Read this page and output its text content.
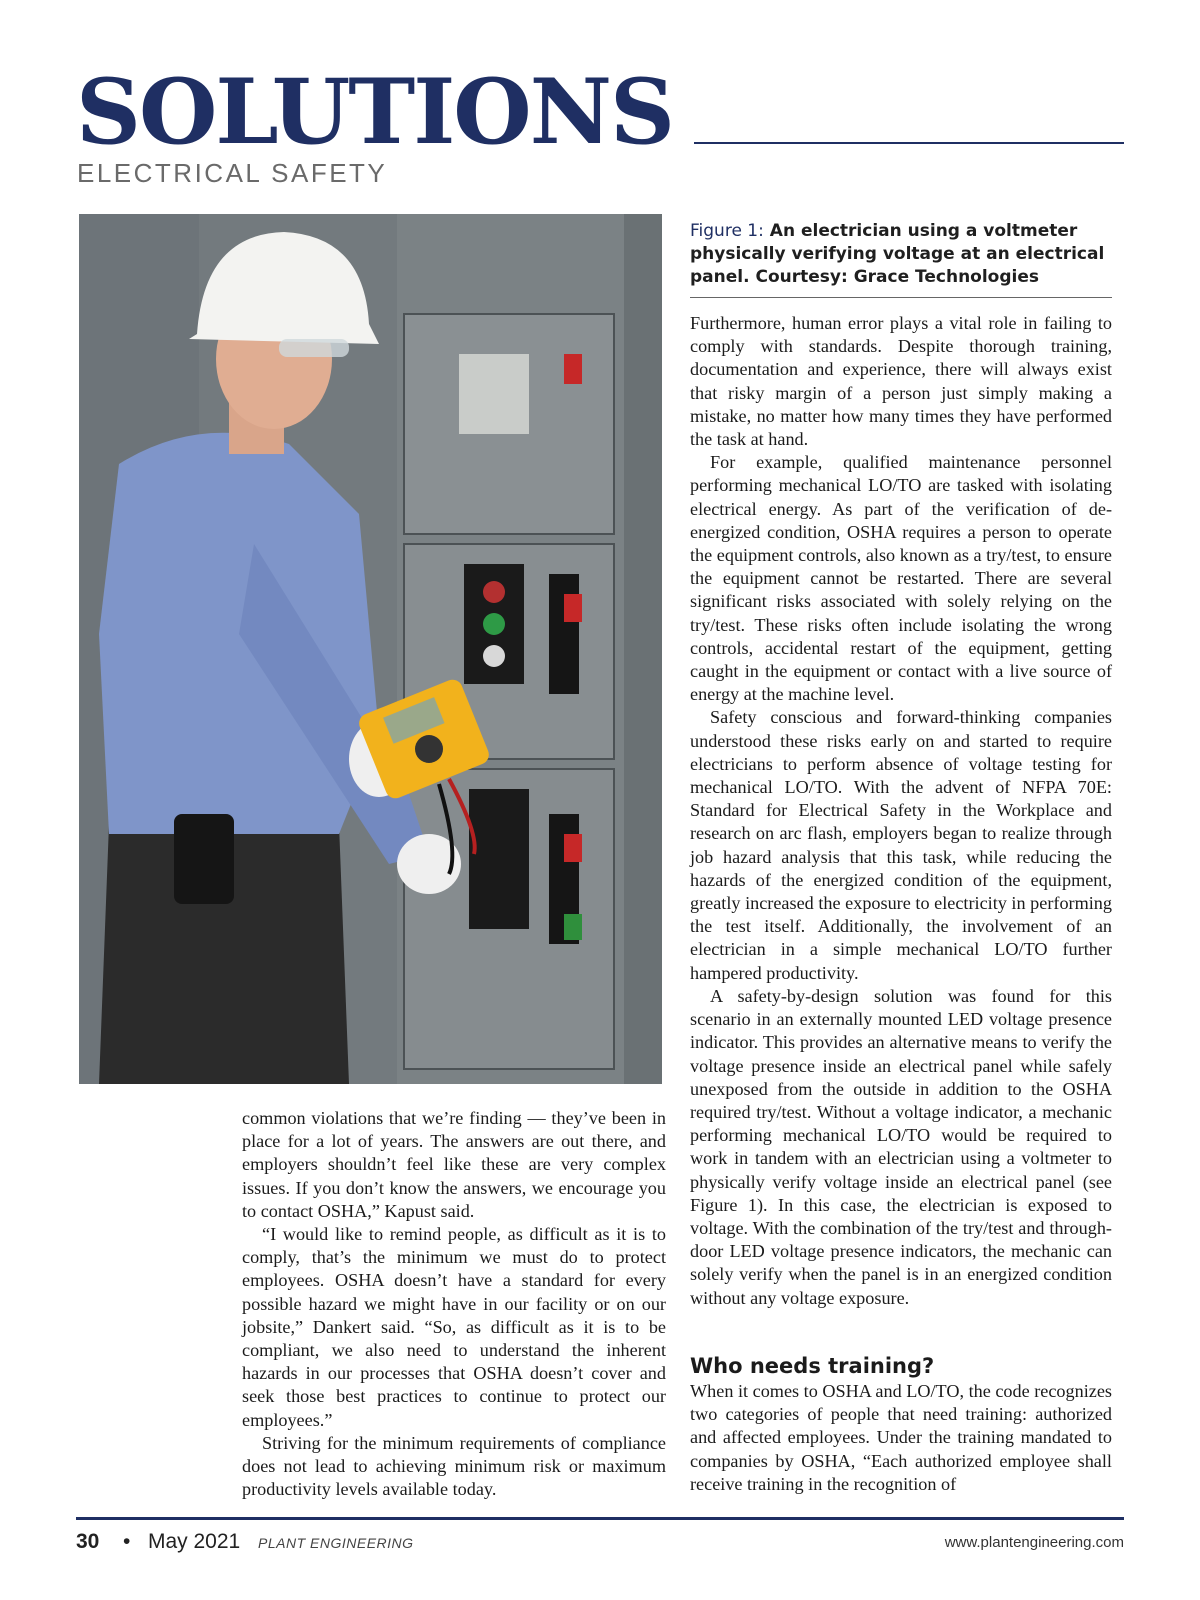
SOLUTIONS
ELECTRICAL SAFETY
Figure 1: An electrician using a voltmeter physically verifying voltage at an electrical panel. Courtesy: Grace Technologies

Furthermore, human error plays a vital role in failing to comply with standards. Despite thorough training, documentation and experience, there will always exist that risky margin of a person just simply making a mistake, no matter how many times they have performed the task at hand.

For example, qualified maintenance personnel performing mechanical LO/TO are tasked with isolating electrical energy. As part of the verification of de-energized condition, OSHA requires a person to operate the equipment controls, also known as a try/test, to ensure the equipment cannot be restarted. There are several significant risks associated with solely relying on the try/test. These risks often include isolating the wrong controls, accidental restart of the equipment, getting caught in the equipment or contact with a live source of energy at the machine level.

Safety conscious and forward-thinking companies understood these risks early on and started to require electricians to perform absence of voltage testing for mechanical LO/TO. With the advent of NFPA 70E: Standard for Electrical Safety in the Workplace and research on arc flash, employers began to realize through job hazard analysis that this task, while reducing the hazards of the energized condition of the equipment, greatly increased the exposure to electricity in performing the test itself. Additionally, the involvement of an electrician in a simple mechanical LO/TO further hampered productivity.

A safety-by-design solution was found for this scenario in an externally mounted LED voltage presence indicator. This provides an alternative means to verify the voltage presence inside an electrical panel while safely unexposed from the outside in addition to the OSHA required try/test. Without a voltage indicator, a mechanic performing mechanical LO/TO would be required to work in tandem with an electrician using a voltmeter to physically verify voltage inside an electrical panel (see Figure 1). In this case, the electrician is exposed to voltage. With the combination of the try/test and through-door LED voltage presence indicators, the mechanic can solely verify when the panel is in an energized condition without any voltage exposure.

Who needs training?

When it comes to OSHA and LO/TO, the code recognizes two categories of people that need training: authorized and affected employees. Under the training mandated to companies by OSHA, “Each authorized employee shall receive training in the recognition of

common violations that we’re finding — they’ve been in place for a lot of years. The answers are out there, and employers shouldn’t feel like these are very complex issues. If you don’t know the answers, we encourage you to contact OSHA,” Kapust said.

“I would like to remind people, as difficult as it is to comply, that’s the minimum we must do to protect employees. OSHA doesn’t have a standard for every possible hazard we might have in our facility or on our jobsite,” Dankert said. “So, as difficult as it is to be compliant, we also need to understand the inherent hazards in our processes that OSHA doesn’t cover and seek those best practices to continue to protect our employees.”

Striving for the minimum requirements of compliance does not lead to achieving minimum risk or maximum productivity levels available today.

30 • May 2021 PLANT ENGINEERING	www.plantengineering.com
